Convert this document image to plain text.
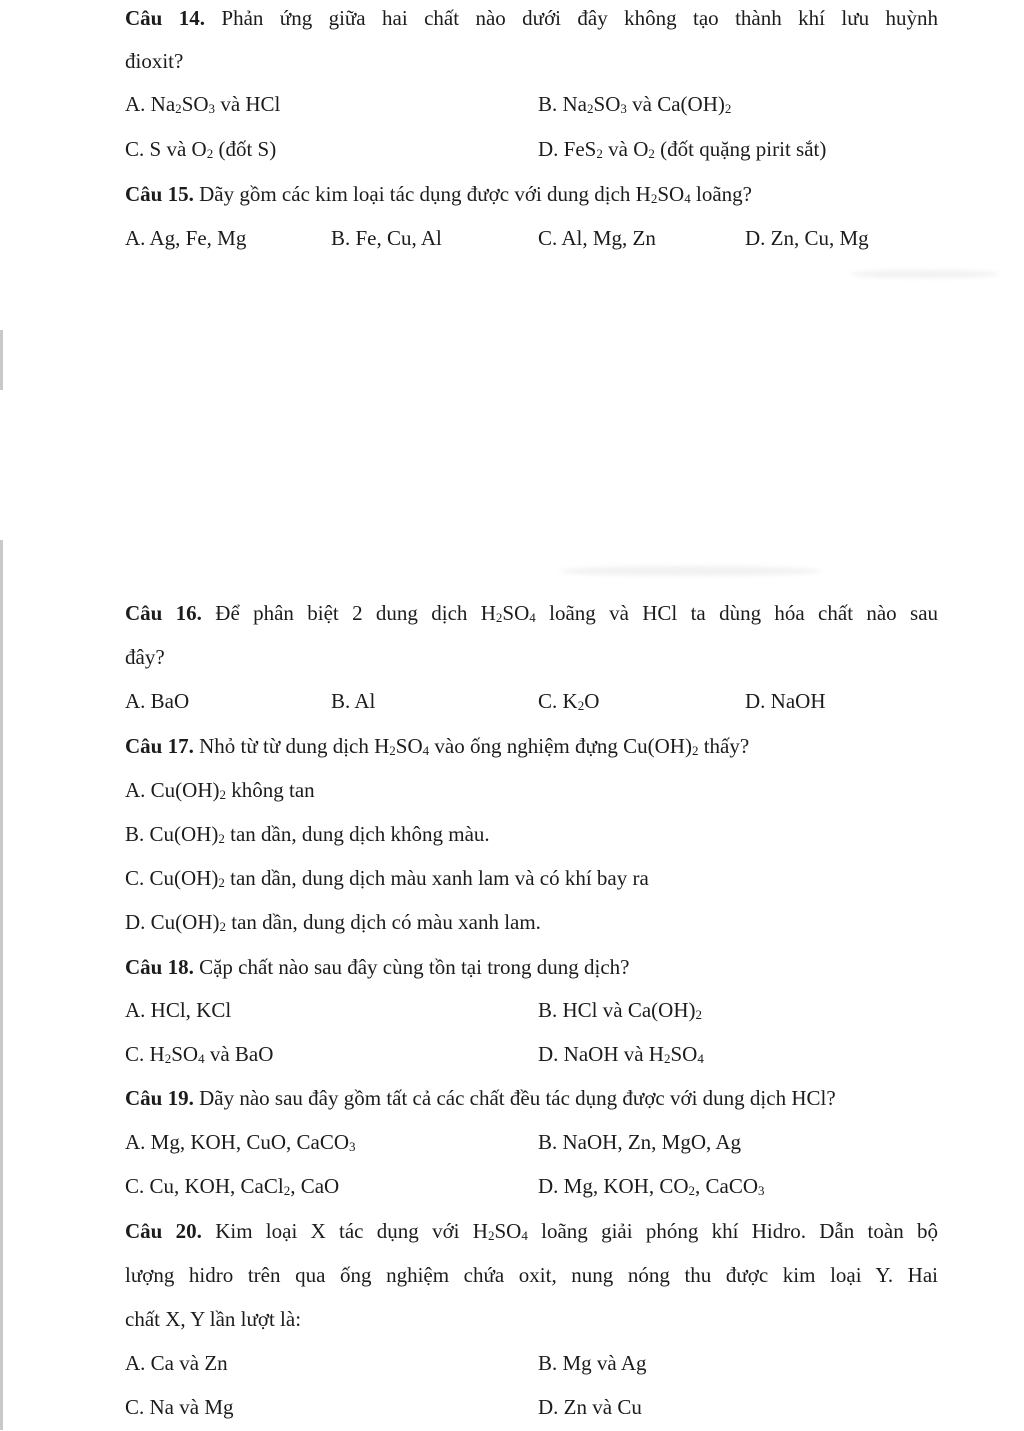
Câu 14. Phản ứng giữa hai chất nào dưới đây không tạo thành khí lưu huỳnh
đioxit?
A. $Na_2SO_3$ và HCl	B. $Na_2SO_3$ và $Ca(OH)_2$
C. S và $O_2$ (đốt S)	D. FeS$_2$ và $O_2$ (đốt quặng pirit sắt)
Câu 15. Dãy gồm các kim loại tác dụng được với dung dịch $H_2SO_4$ loãng?
A. Ag, Fe, Mg	B. Fe, Cu, Al	C. Al, Mg, Zn	D. Zn, Cu, Mg
Câu 16. Để phân biệt 2 dung dịch $H_2SO_4$ loãng và HCl ta dùng hóa chất nào sau
đây?
A. BaO	B. Al	C. $K_2O$	D. NaOH
Câu 17. Nhỏ từ từ dung dịch $H_2SO_4$ vào ống nghiệm đựng $Cu(OH)_2$ thấy?
A. $Cu(OH)_2$ không tan
B. $Cu(OH)_2$ tan dần, dung dịch không màu.
C. $Cu(OH)_2$ tan dần, dung dịch màu xanh lam và có khí bay ra
D. $Cu(OH)_2$ tan dần, dung dịch có màu xanh lam.
Câu 18. Cặp chất nào sau đây cùng tồn tại trong dung dịch?
A. HCl, KCl	B. HCl và $Ca(OH)_2$
C. $H_2SO_4$ và BaO	D. NaOH và $H_2SO_4$
Câu 19. Dãy nào sau đây gồm tất cả các chất đều tác dụng được với dung dịch HCl?
A. Mg, KOH, CuO, CaCO$_3$	B. NaOH, Zn, MgO, Ag
C. Cu, KOH, CaCl$_2$, CaO	D. Mg, KOH, $CO_2$, CaCO$_3$
Câu 20. Kim loại X tác dụng với $H_2SO_4$ loãng giải phóng khí Hidro. Dẫn toàn bộ
lượng hidro trên qua ống nghiệm chứa oxit, nung nóng thu được kim loại Y. Hai
chất X, Y lần lượt là:
A. Ca và Zn	B. Mg và Ag
C. Na và Mg	D. Zn và Cu
